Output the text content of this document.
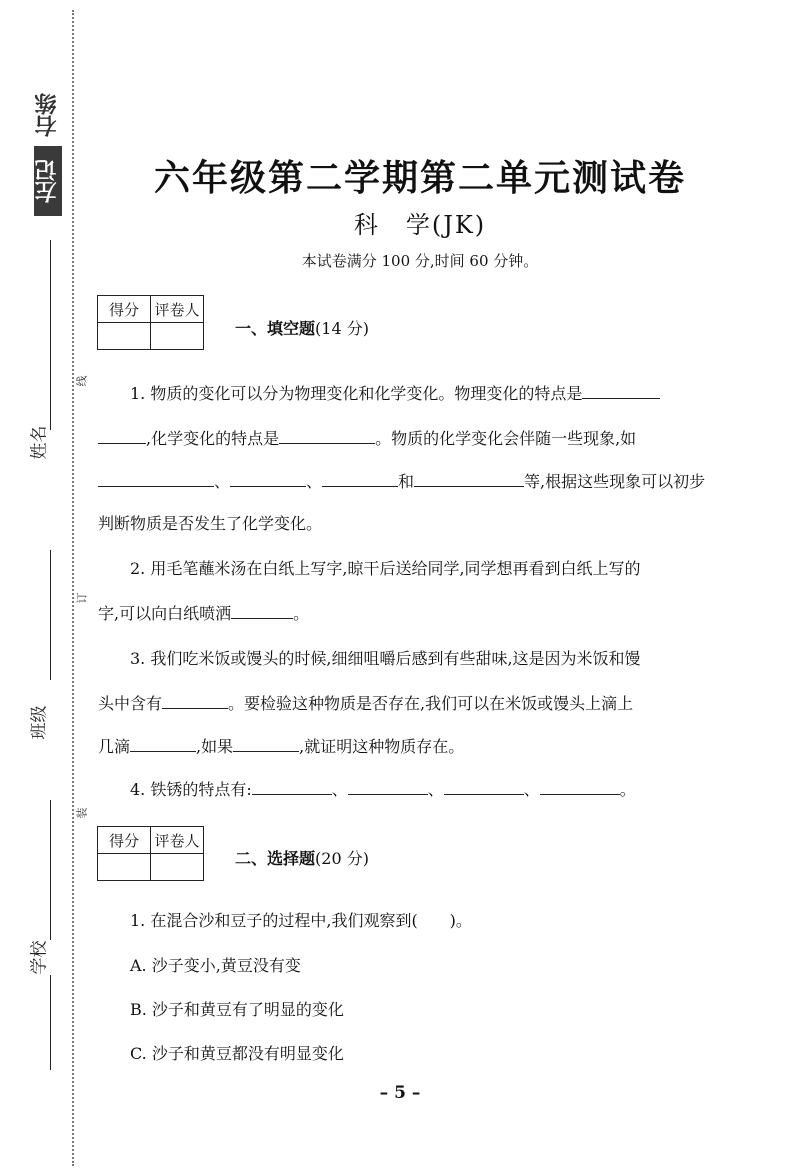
右练
左记
姓名
班级
学校
线
订
装
六年级第二学期第二单元测试卷
科　学(JK)
本试卷满分 100 分,时间 60 分钟。
得分	评卷人

一、填空题(14 分)
1. 物质的变化可以分为物理变化和化学变化。物理变化的特点是
,化学变化的特点是	。物质的化学变化会伴随一些现象,如
、	、	和	等,根据这些现象可以初步
判断物质是否发生了化学变化。
2. 用毛笔蘸米汤在白纸上写字,晾干后送给同学,同学想再看到白纸上写的
字,可以向白纸喷洒	。
3. 我们吃米饭或馒头的时候,细细咀嚼后感到有些甜味,这是因为米饭和馒
头中含有	。要检验这种物质是否存在,我们可以在米饭或馒头上滴上
几滴	,如果	,就证明这种物质存在。
4. 铁锈的特点有:	、	、	、	。
得分	评卷人

二、选择题(20 分)
1. 在混合沙和豆子的过程中,我们观察到(　　)。
A. 沙子变小,黄豆没有变
B. 沙子和黄豆有了明显的变化
C. 沙子和黄豆都没有明显变化
– 5 –
